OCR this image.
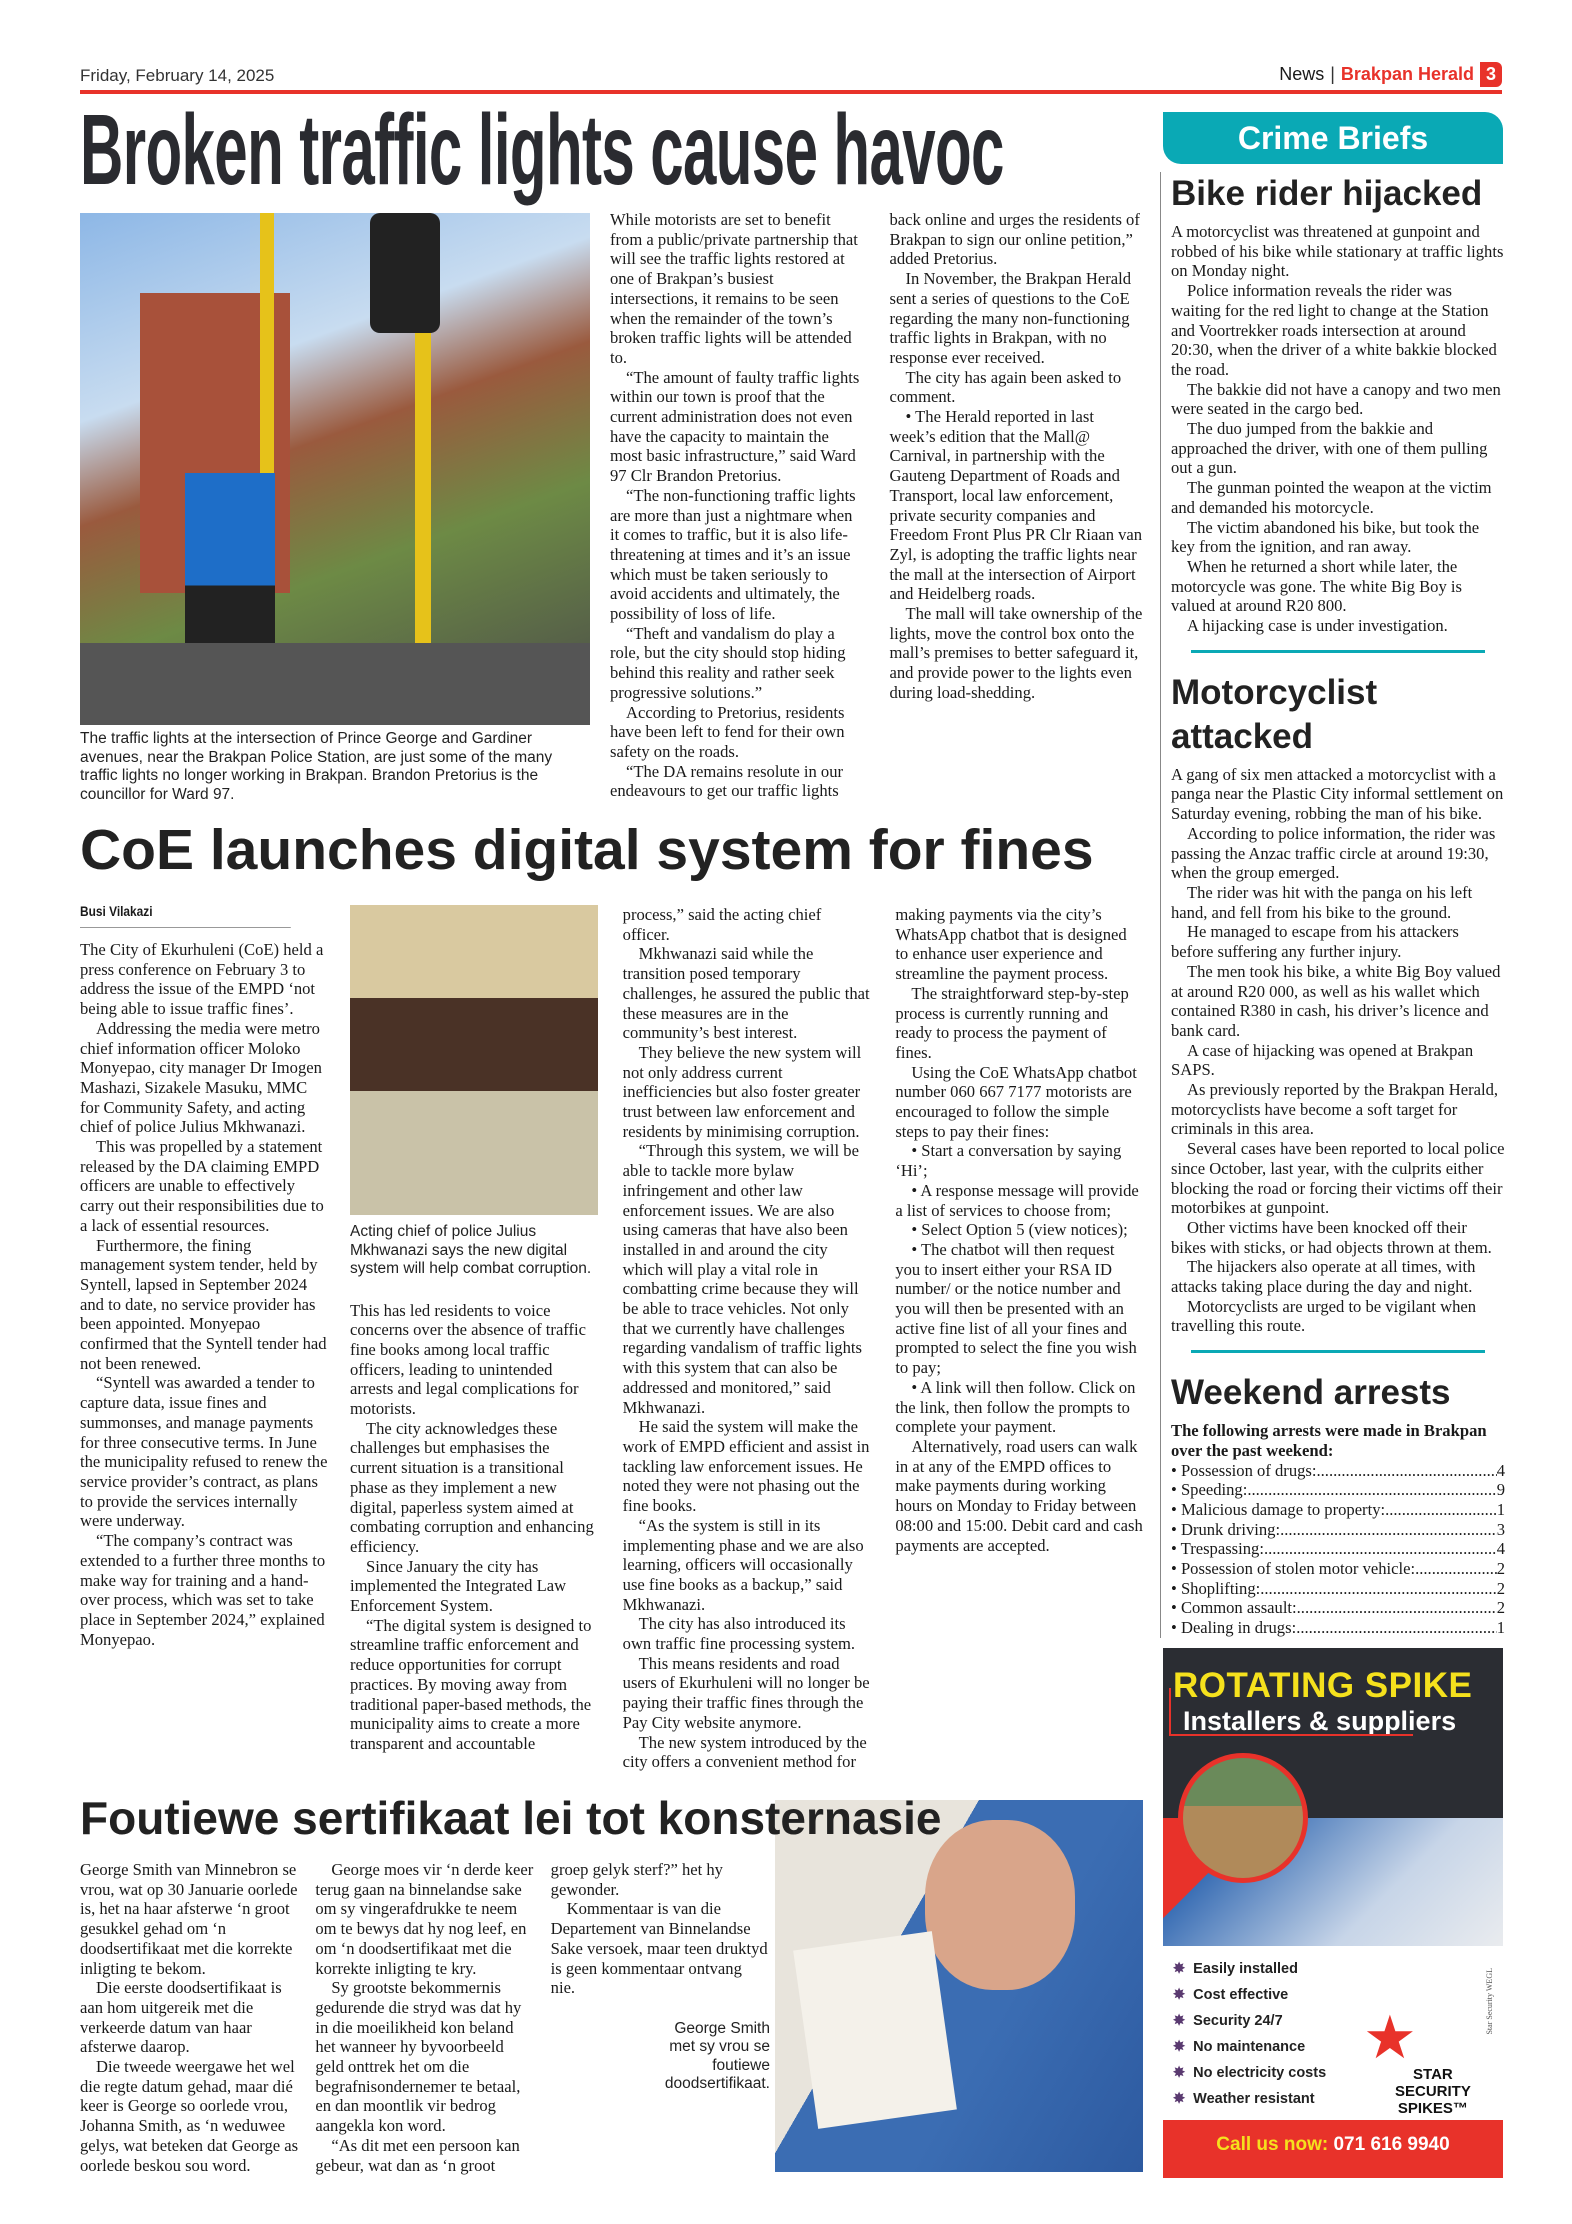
Friday, February 14, 2025	News | Brakpan Herald 3
Broken traffic lights cause havoc
The traffic lights at the intersection of Prince George and Gardiner avenues, near the Brakpan Police Station, are just some of the many traffic lights no longer working in Brakpan. Brandon Pretorius is the councillor for Ward 97.

While motorists are set to benefit from a public/private partnership that will see the traffic lights restored at one of Brakpan’s busiest intersections, it remains to be seen when the remainder of the town’s broken traffic lights will be attended to.

“The amount of faulty traffic lights within our town is proof that the current administration does not even have the capacity to maintain the most basic infrastructure,” said Ward 97 Clr Brandon Pretorius.

“The non-functioning traffic lights are more than just a nightmare when it comes to traffic, but it is also life-threatening at times and it’s an issue which must be taken seriously to avoid accidents and ultimately, the possibility of loss of life.

“Theft and vandalism do play a role, but the city should stop hiding behind this reality and rather seek progressive solutions.”

According to Pretorius, residents have been left to fend for their own safety on the roads.

“The DA remains resolute in our endeavours to get our traffic lights back online and urges the residents of Brakpan to sign our online petition,” added Pretorius.

In November, the Brakpan Herald sent a series of questions to the CoE regarding the many non-functioning traffic lights in Brakpan, with no response ever received.

The city has again been asked to comment.

• The Herald reported in last week’s edition that the Mall@ Carnival, in partnership with the Gauteng Department of Roads and Transport, local law enforcement, private security companies and Freedom Front Plus PR Clr Riaan van Zyl, is adopting the traffic lights near the mall at the intersection of Airport and Heidelberg roads.

The mall will take ownership of the lights, move the control box onto the mall’s premises to better safeguard it, and provide power to the lights even during load-shedding.

Crime Briefs
Bike rider hijacked

A motorcyclist was threatened at gunpoint and robbed of his bike while stationary at traffic lights on Monday night.

Police information reveals the rider was waiting for the red light to change at the Station and Voortrekker roads intersection at around 20:30, when the driver of a white bakkie blocked the road.

The bakkie did not have a canopy and two men were seated in the cargo bed.

The duo jumped from the bakkie and approached the driver, with one of them pulling out a gun.

The gunman pointed the weapon at the victim and demanded his motorcycle.

The victim abandoned his bike, but took the key from the ignition, and ran away.

When he returned a short while later, the motorcycle was gone. The white Big Boy is valued at around R20 800.

A hijacking case is under investigation.

Motorcyclist attacked

A gang of six men attacked a motorcyclist with a panga near the Plastic City informal settlement on Saturday evening, robbing the man of his bike.

According to police information, the rider was passing the Anzac traffic circle at around 19:30, when the group emerged.

The rider was hit with the panga on his left hand, and fell from his bike to the ground.

He managed to escape from his attackers before suffering any further injury.

The men took his bike, a white Big Boy valued at around R20 000, as well as his wallet which contained R380 in cash, his driver’s licence and bank card.

A case of hijacking was opened at Brakpan SAPS.

As previously reported by the Brakpan Herald, motorcyclists have become a soft target for criminals in this area.

Several cases have been reported to local police since October, last year, with the culprits either blocking the road or forcing their victims off their motorbikes at gunpoint.

Other victims have been knocked off their bikes with sticks, or had objects thrown at them.

The hijackers also operate at all times, with attacks taking place during the day and night.

Motorcyclists are urged to be vigilant when travelling this route.

Weekend arrests

The following arrests were made in Brakpan over the past weekend:

• Possession of drugs: .....	4
• Speeding: .....	9
• Malicious damage to property: .....	1
• Drunk driving: .....	3
• Trespassing: .....	4
• Possession of stolen motor vehicle: .....	2
• Shoplifting: .....	2
• Common assault: .....	2
• Dealing in drugs: .....	1
ROTATING SPIKE
Installers & suppliers
✸ Easily installed
✸ Cost effective
✸ Security 24/7
✸ No maintenance
✸ No electricity costs
✸ Weather resistant
★
STAR
SECURITY
SPIKES™
Star Security WEGL
Call us now: 071 616 9940
CoE launches digital system for fines
Busi Vilakazi

The City of Ekurhuleni (CoE) held a press conference on February 3 to address the issue of the EMPD ‘not being able to issue traffic fines’.

Addressing the media were metro chief information officer Moloko Monyepao, city manager Dr Imogen Mashazi, Sizakele Masuku, MMC for Community Safety, and acting chief of police Julius Mkhwanazi.

This was propelled by a statement released by the DA claiming EMPD officers are unable to effectively carry out their responsibilities due to a lack of essential resources.

Furthermore, the fining management system tender, held by Syntell, lapsed in September 2024 and to date, no service provider has been appointed. Monyepao confirmed that the Syntell tender had not been renewed.

“Syntell was awarded a tender to capture data, issue fines and summonses, and manage payments for three consecutive terms. In June the municipality refused to renew the service provider’s contract, as plans to provide the services internally were underway.

“The company’s contract was extended to a further three months to make way for training and a hand-over process, which was set to take place in September 2024,” explained Monyepao.

Acting chief of police Julius Mkhwanazi says the new digital system will help combat corruption.

This has led residents to voice concerns over the absence of traffic fine books among local traffic officers, leading to unintended arrests and legal complications for motorists.

The city acknowledges these challenges but emphasises the current situation is a transitional phase as they implement a new digital, paperless system aimed at combating corruption and enhancing efficiency.

Since January the city has implemented the Integrated Law Enforcement System.

“The digital system is designed to streamline traffic enforcement and reduce opportunities for corrupt practices. By moving away from traditional paper-based methods, the municipality aims to create a more transparent and accountable process,” said the acting chief officer.

Mkhwanazi said while the transition posed temporary challenges, he assured the public that these measures are in the community’s best interest.

They believe the new system will not only address current inefficiencies but also foster greater trust between law enforcement and residents by minimising corruption.

“Through this system, we will be able to tackle more bylaw infringement and other law enforcement issues. We are also using cameras that have also been installed in and around the city which will play a vital role in combatting crime because they will be able to trace vehicles. Not only that we currently have challenges regarding vandalism of traffic lights with this system that can also be addressed and monitored,” said Mkhwanazi.

He said the system will make the work of EMPD efficient and assist in tackling law enforcement issues. He noted they were not phasing out the fine books.

“As the system is still in its implementing phase and we are also learning, officers will occasionally use fine books as a backup,” said Mkhwanazi.

The city has also introduced its own traffic fine processing system.

This means residents and road users of Ekurhuleni will no longer be paying their traffic fines through the Pay City website anymore.

The new system introduced by the city offers a convenient method for making payments via the city’s WhatsApp chatbot that is designed to enhance user experience and streamline the payment process.

The straightforward step-by-step process is currently running and ready to process the payment of fines.

Using the CoE WhatsApp chatbot number 060 667 7177 motorists are encouraged to follow the simple steps to pay their fines:

• Start a conversation by saying ‘Hi’;

• A response message will provide a list of services to choose from;

• Select Option 5 (view notices);

• The chatbot will then request you to insert either your RSA ID number/ or the notice number and you will then be presented with an active fine list of all your fines and prompted to select the fine you wish to pay;

• A link will then follow. Click on the link, then follow the prompts to complete your payment.

Alternatively, road users can walk in at any of the EMPD offices to make payments during working hours on Monday to Friday between 08:00 and 15:00. Debit card and cash payments are accepted.

Foutiewe sertifikaat lei tot konsternasie

George Smith van Minnebron se vrou, wat op 30 Januarie oorlede is, het na haar afsterwe ‘n groot gesukkel gehad om ‘n doodsertifikaat met die korrekte inligting te bekom.

Die eerste doodsertifikaat is aan hom uitgereik met die verkeerde datum van haar afsterwe daarop.

Die tweede weergawe het wel die regte datum gehad, maar dié keer is George so oorlede vrou, Johanna Smith, as ‘n weduwee gelys, wat beteken dat George as oorlede beskou sou word.

George moes vir ‘n derde keer terug gaan na binnelandse sake om sy vingerafdrukke te neem om te bewys dat hy nog leef, en om ‘n doodsertifikaat met die korrekte inligting te kry.

Sy grootste bekommernis gedurende die stryd was dat hy in die moeilikheid kon beland het wanneer hy byvoorbeeld geld onttrek het om die begrafnisondernemer te betaal, en dan moontlik vir bedrog aangekla kon word.

“As dit met een persoon kan gebeur, wat dan as ‘n groot groep gelyk sterf?” het hy gewonder.

Kommentaar is van die Departement van Binnelandse Sake versoek, maar teen druktyd is geen kommentaar ontvang nie.

George Smith met sy vrou se foutiewe doodsertifikaat.
